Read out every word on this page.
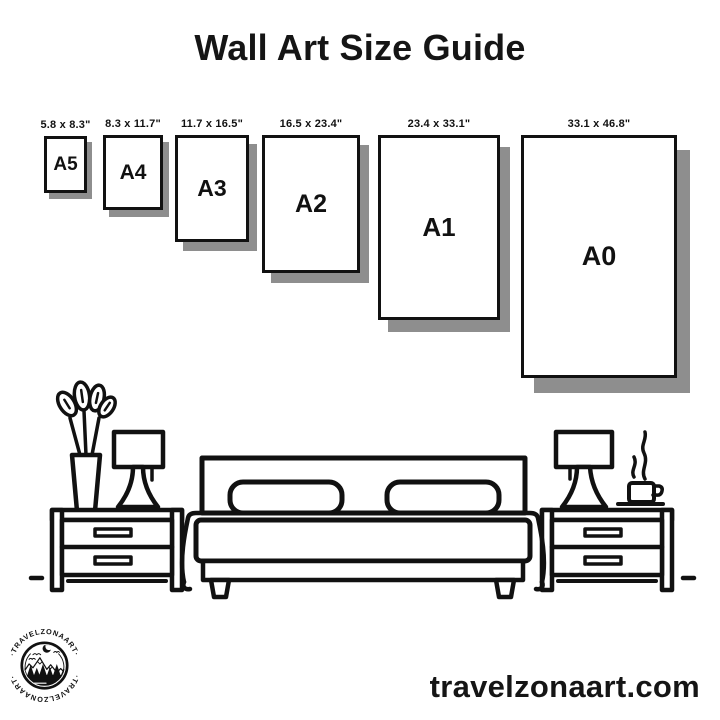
Wall Art Size Guide
5.8 x 8.3"
A5
8.3 x 11.7"
A4
11.7 x 16.5"
A3
16.5 x 23.4"
A2
23.4 x 33.1"
A1
33.1 x 46.8"
A0
·TRAVELZONAART·
·TRAVELZONAART·	travelzonaart.com
